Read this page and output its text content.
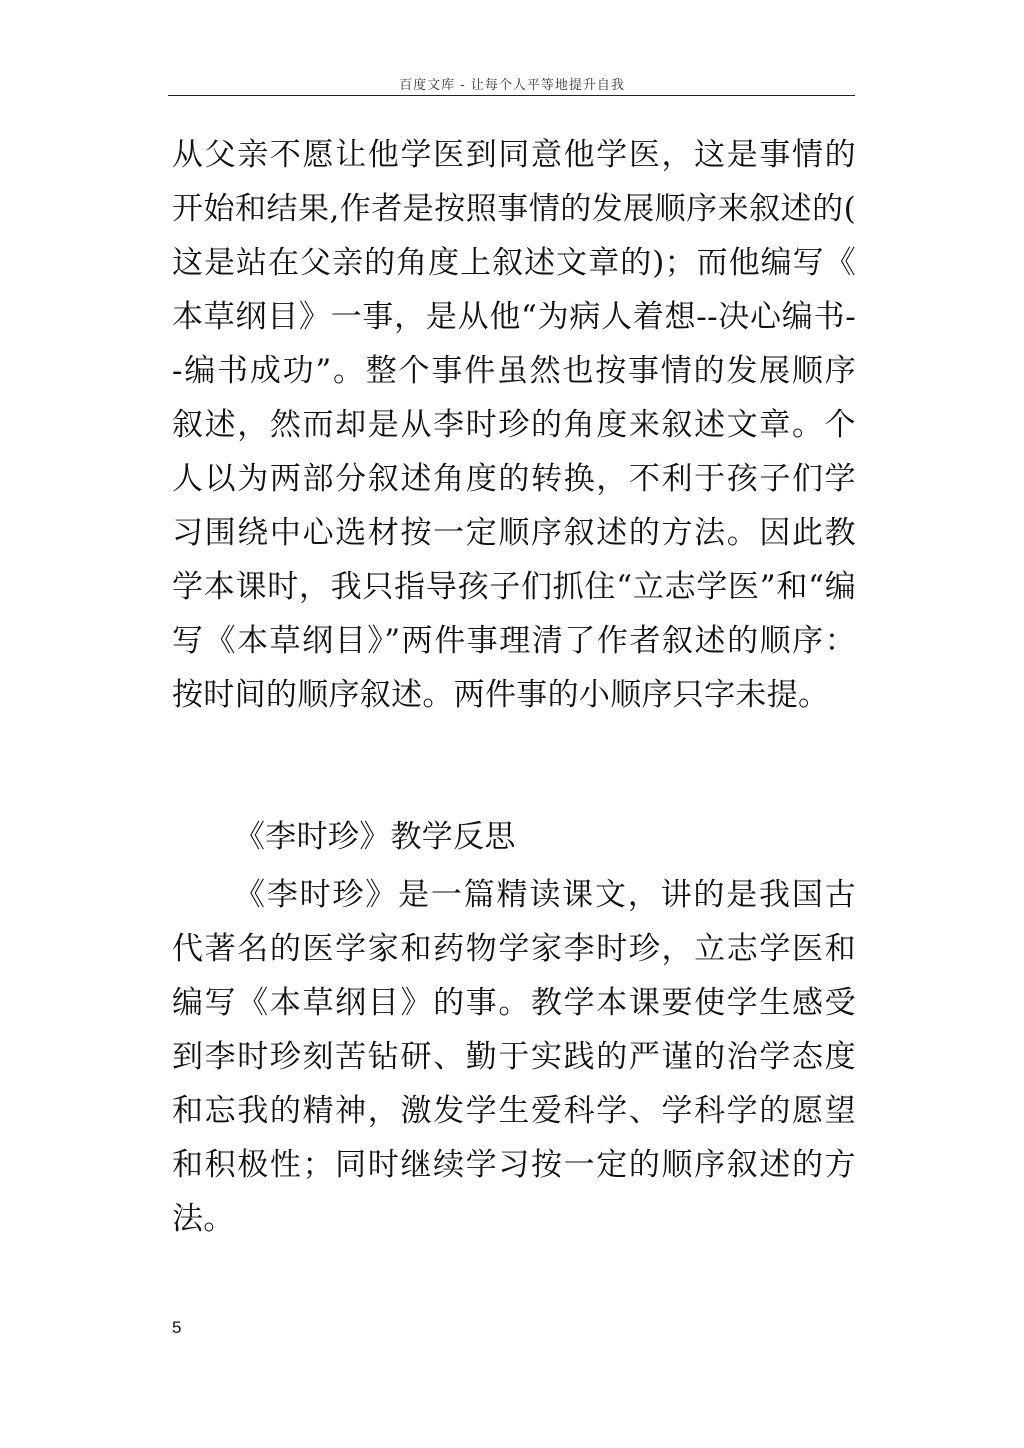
百度文库 - 让每个人平等地提升自我

从父亲不愿让他学医到同意他学医，这是事情的开始和结果,作者是按照事情的发展顺序来叙述的(这是站在父亲的角度上叙述文章的)；而他编写《本草纲目》一事，是从他“为病人着想--决心编书--编书成功”。整个事件虽然也按事情的发展顺序叙述，然而却是从李时珍的角度来叙述文章。个人以为两部分叙述角度的转换，不利于孩子们学习围绕中心选材按一定顺序叙述的方法。因此教学本课时，我只指导孩子们抓住“立志学医”和“编写《本草纲目》”两件事理清了作者叙述的顺序：按时间的顺序叙述。两件事的小顺序只字未提。

《李时珍》教学反思

《李时珍》是一篇精读课文，讲的是我国古代著名的医学家和药物学家李时珍，立志学医和编写《本草纲目》的事。教学本课要使学生感受到李时珍刻苦钻研、勤于实践的严谨的治学态度和忘我的精神，激发学生爱科学、学科学的愿望和积极性；同时继续学习按一定的顺序叙述的方法。

5
